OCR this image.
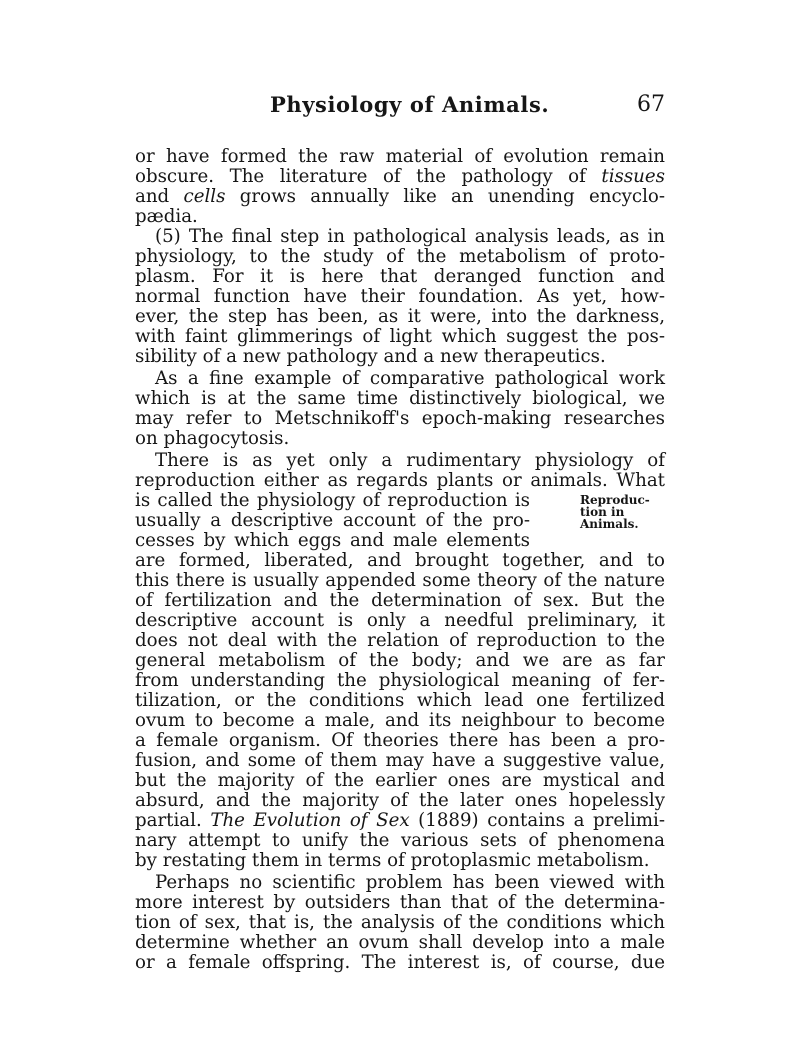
Physiology of Animals.	67
or have formed the raw material of evolution remain
obscure. The literature of the pathology of tissues
and cells grows annually like an unending encyclo-
pædia.
(5) The final step in pathological analysis leads, as in
physiology, to the study of the metabolism of proto-
plasm. For it is here that deranged function and
normal function have their foundation. As yet, how-
ever, the step has been, as it were, into the darkness,
with faint glimmerings of light which suggest the pos-
sibility of a new pathology and a new therapeutics.
As a fine example of comparative pathological work
which is at the same time distinctively biological, we
may refer to Metschnikoff's epoch-making researches
on phagocytosis.
There is as yet only a rudimentary physiology of
reproduction either as regards plants or animals. What
is called the physiology of reproduction is
usually a descriptive account of the pro-
cesses by which eggs and male elements
Reproduc-
tion in
Animals.
are formed, liberated, and brought together, and to
this there is usually appended some theory of the nature
of fertilization and the determination of sex. But the
descriptive account is only a needful preliminary, it
does not deal with the relation of reproduction to the
general metabolism of the body; and we are as far
from understanding the physiological meaning of fer-
tilization, or the conditions which lead one fertilized
ovum to become a male, and its neighbour to become
a female organism. Of theories there has been a pro-
fusion, and some of them may have a suggestive value,
but the majority of the earlier ones are mystical and
absurd, and the majority of the later ones hopelessly
partial. The Evolution of Sex (1889) contains a prelimi-
nary attempt to unify the various sets of phenomena
by restating them in terms of protoplasmic metabolism.
Perhaps no scientific problem has been viewed with
more interest by outsiders than that of the determina-
tion of sex, that is, the analysis of the conditions which
determine whether an ovum shall develop into a male
or a female offspring. The interest is, of course, due
